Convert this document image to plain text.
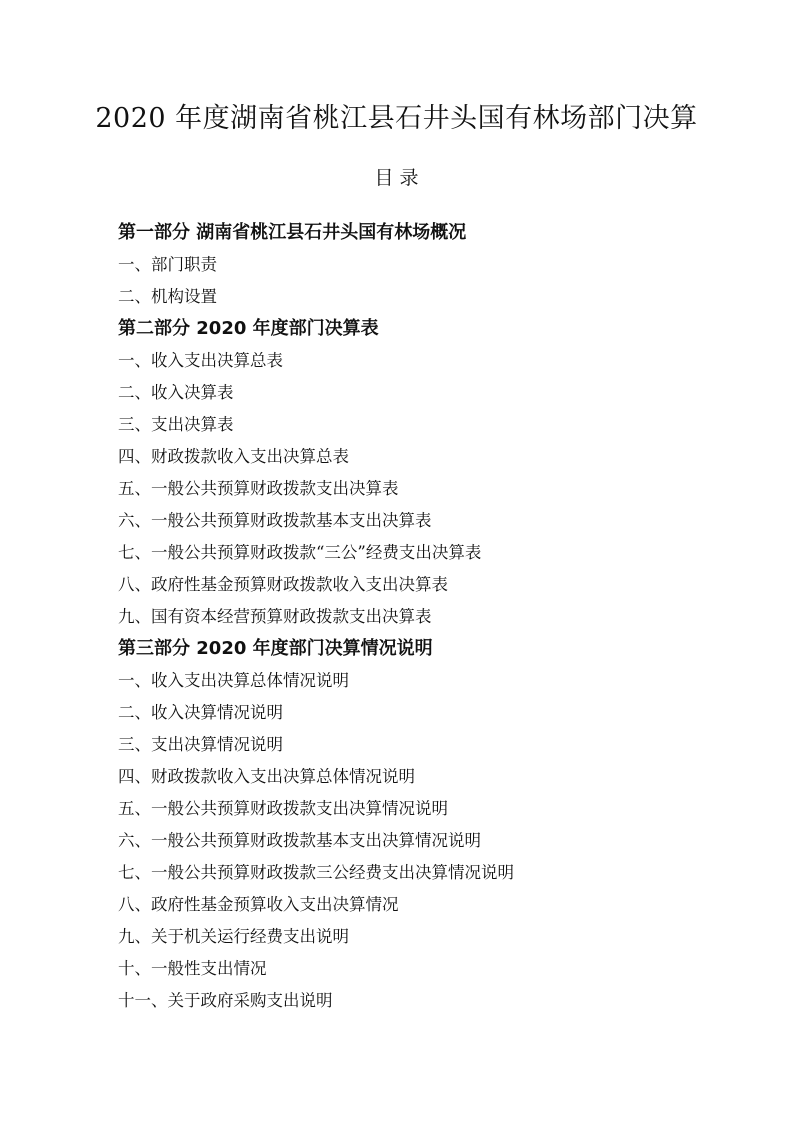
2020 年度湖南省桃江县石井头国有林场部门决算
目 录
第一部分 湖南省桃江县石井头国有林场概况
一、部门职责
二、机构设置
第二部分 2020 年度部门决算表
一、收入支出决算总表
二、收入决算表
三、支出决算表
四、财政拨款收入支出决算总表
五、一般公共预算财政拨款支出决算表
六、一般公共预算财政拨款基本支出决算表
七、一般公共预算财政拨款“三公”经费支出决算表
八、政府性基金预算财政拨款收入支出决算表
九、国有资本经营预算财政拨款支出决算表
第三部分 2020 年度部门决算情况说明
一、收入支出决算总体情况说明
二、收入决算情况说明
三、支出决算情况说明
四、财政拨款收入支出决算总体情况说明
五、一般公共预算财政拨款支出决算情况说明
六、一般公共预算财政拨款基本支出决算情况说明
七、一般公共预算财政拨款三公经费支出决算情况说明
八、政府性基金预算收入支出决算情况
九、关于机关运行经费支出说明
十、一般性支出情况
十一、关于政府采购支出说明
